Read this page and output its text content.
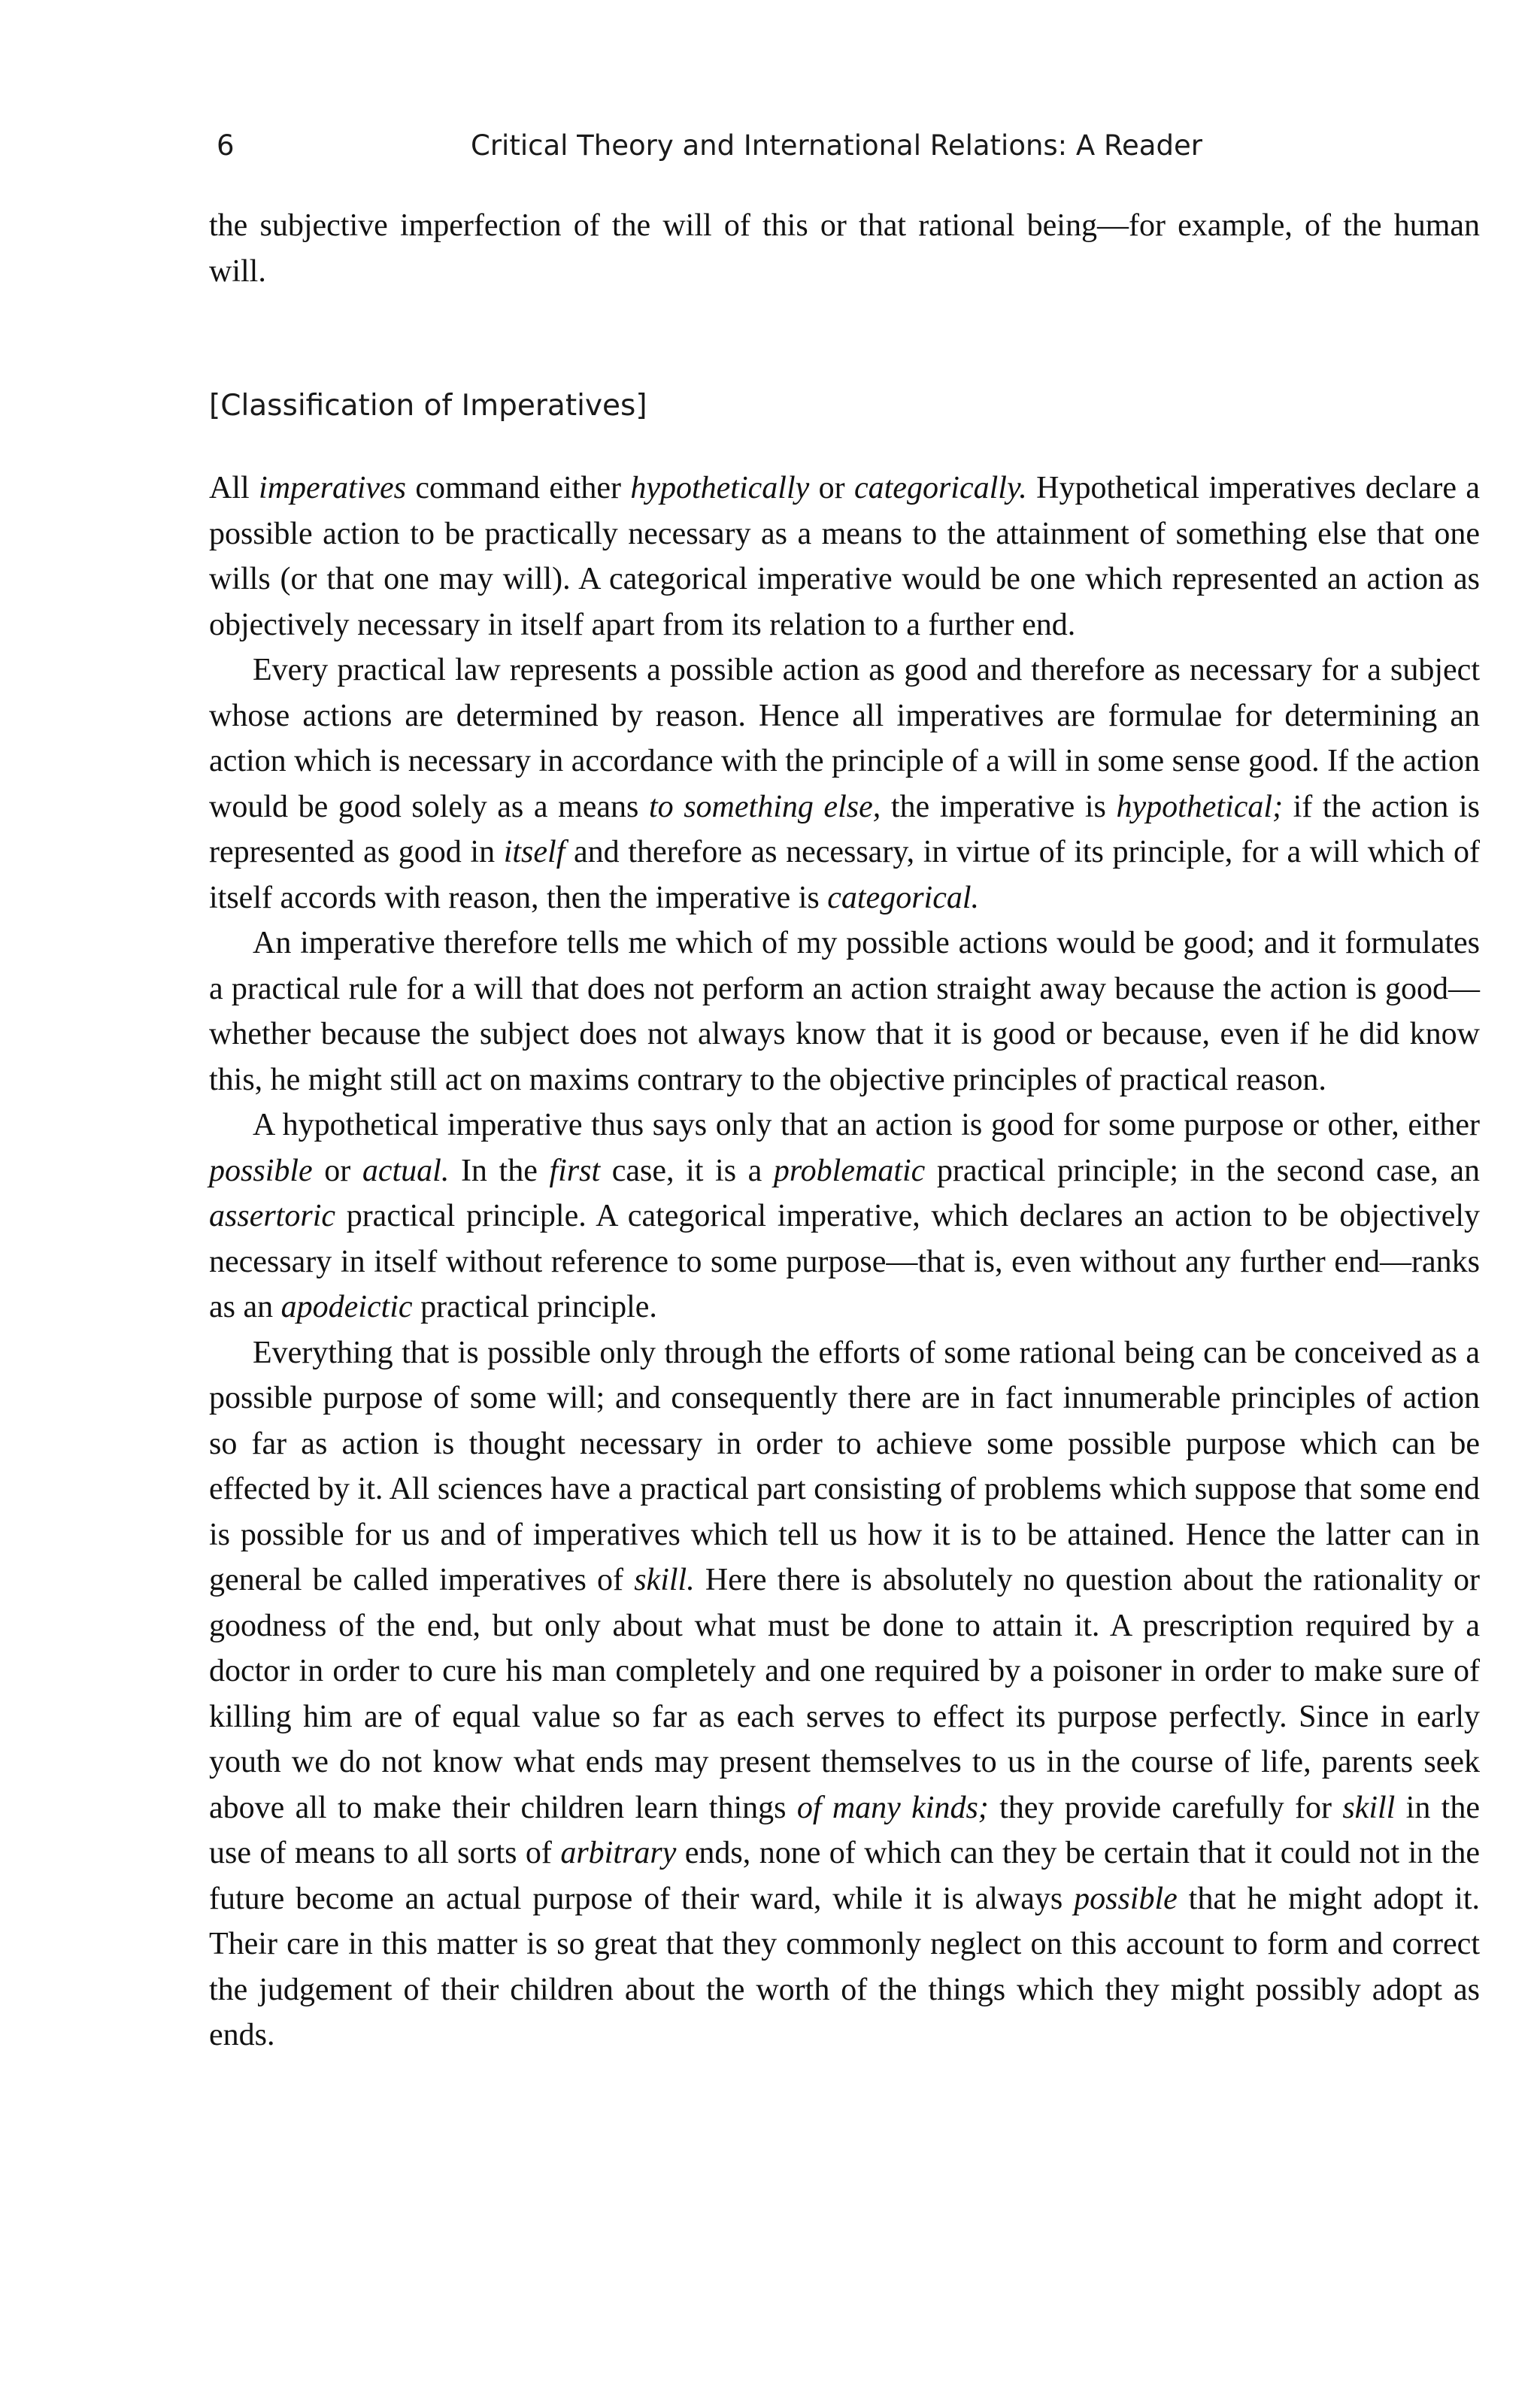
6	Critical Theory and International Relations: A Reader

the subjective imperfection of the will of this or that rational being—for example, of the human will.

[Classification of Imperatives]

All imperatives command either hypothetically or categorically. Hypothetical imperatives declare a possible action to be practically necessary as a means to the attainment of something else that one wills (or that one may will). A categorical imperative would be one which represented an action as objectively necessary in itself apart from its relation to a further end.

Every practical law represents a possible action as good and therefore as necessary for a subject whose actions are determined by reason. Hence all imperatives are formulae for determining an action which is necessary in accordance with the principle of a will in some sense good. If the action would be good solely as a means to something else, the imperative is hypothetical; if the action is represented as good in itself and therefore as necessary, in virtue of its principle, for a will which of itself accords with reason, then the imperative is categorical.

An imperative therefore tells me which of my possible actions would be good; and it formulates a practical rule for a will that does not perform an action straight away because the action is good—whether because the subject does not always know that it is good or because, even if he did know this, he might still act on maxims contrary to the objective principles of practical reason.

A hypothetical imperative thus says only that an action is good for some purpose or other, either possible or actual. In the first case, it is a problematic practical principle; in the second case, an assertoric practical principle. A categorical imperative, which declares an action to be objectively necessary in itself without reference to some purpose—that is, even without any further end—ranks as an apodeictic practical principle.

Everything that is possible only through the efforts of some rational being can be conceived as a possible purpose of some will; and consequently there are in fact innumerable principles of action so far as action is thought necessary in order to achieve some possible purpose which can be effected by it. All sciences have a practical part consisting of problems which suppose that some end is possible for us and of imperatives which tell us how it is to be attained. Hence the latter can in general be called imperatives of skill. Here there is absolutely no question about the rationality or goodness of the end, but only about what must be done to attain it. A prescription required by a doctor in order to cure his man completely and one required by a poisoner in order to make sure of killing him are of equal value so far as each serves to effect its purpose perfectly. Since in early youth we do not know what ends may present themselves to us in the course of life, parents seek above all to make their children learn things of many kinds; they provide carefully for skill in the use of means to all sorts of arbitrary ends, none of which can they be certain that it could not in the future become an actual purpose of their ward, while it is always possible that he might adopt it. Their care in this matter is so great that they commonly neglect on this account to form and correct the judgement of their children about the worth of the things which they might possibly adopt as ends.
